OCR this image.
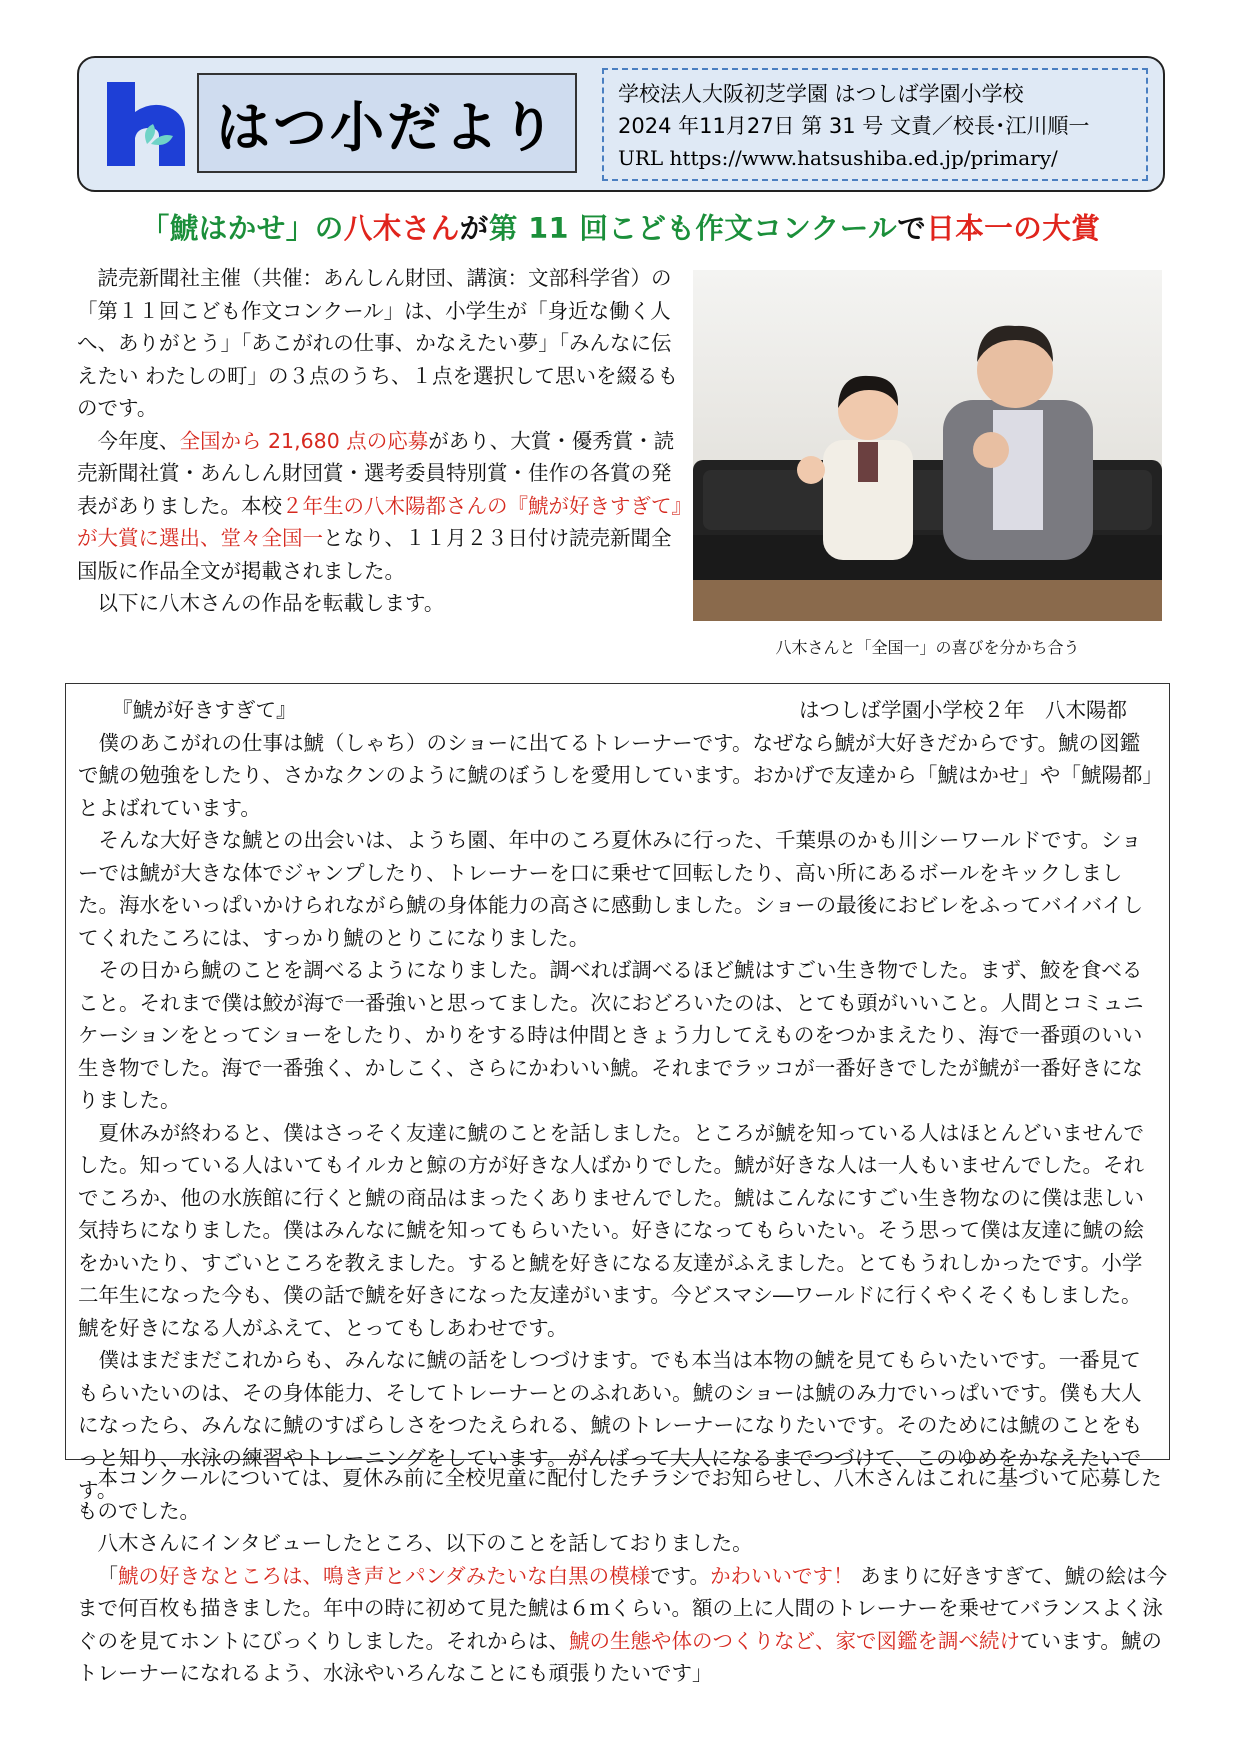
はつ小だより
学校法人大阪初芝学園 はつしば学園小学校
2024 年11月27日 第 31 号 文責／校長･江川順一
URL https://www.hatsushiba.ed.jp/primary/
「鯱はかせ」の八木さんが第 11 回こども作文コンクールで日本一の大賞

読売新聞社主催（共催：あんしん財団、講演：文部科学省）の「第１１回こども作文コンクール」は、小学生が「身近な働く人へ、ありがとう」「あこがれの仕事、かなえたい夢」「みんなに伝えたい わたしの町」の３点のうち、１点を選択して思いを綴るものです。

今年度、全国から 21,680 点の応募があり、大賞・優秀賞・読売新聞社賞・あんしん財団賞・選考委員特別賞・佳作の各賞の発表がありました。本校２年生の八木陽都さんの『鯱が好きすぎて』が大賞に選出、堂々全国一となり、１１月２３日付け読売新聞全国版に作品全文が掲載されました。

以下に八木さんの作品を転載します。

八木さんと「全国一」の喜びを分かち合う
『鯱が好きすぎて』	はつしば学園小学校２年　八木陽都

僕のあこがれの仕事は鯱（しゃち）のショーに出てるトレーナーです。なぜなら鯱が大好きだからです。鯱の図鑑で鯱の勉強をしたり、さかなクンのように鯱のぼうしを愛用しています。おかげで友達から「鯱はかせ」や「鯱陽都」とよばれています。

そんな大好きな鯱との出会いは、ようち園、年中のころ夏休みに行った、千葉県のかも川シーワールドです。ショーでは鯱が大きな体でジャンプしたり、トレーナーを口に乗せて回転したり、高い所にあるボールをキックしました。海水をいっぱいかけられながら鯱の身体能力の高さに感動しました。ショーの最後におビレをふってバイバイしてくれたころには、すっかり鯱のとりこになりました。

その日から鯱のことを調べるようになりました。調べれば調べるほど鯱はすごい生き物でした。まず、鮫を食べること。それまで僕は鮫が海で一番強いと思ってました。次におどろいたのは、とても頭がいいこと。人間とコミュニケーションをとってショーをしたり、かりをする時は仲間ときょう力してえものをつかまえたり、海で一番頭のいい生き物でした。海で一番強く、かしこく、さらにかわいい鯱。それまでラッコが一番好きでしたが鯱が一番好きになりました。

夏休みが終わると、僕はさっそく友達に鯱のことを話しました。ところが鯱を知っている人はほとんどいませんでした。知っている人はいてもイルカと鯨の方が好きな人ばかりでした。鯱が好きな人は一人もいませんでした。それでころか、他の水族館に行くと鯱の商品はまったくありませんでした。鯱はこんなにすごい生き物なのに僕は悲しい気持ちになりました。僕はみんなに鯱を知ってもらいたい。好きになってもらいたい。そう思って僕は友達に鯱の絵をかいたり、すごいところを教えました。すると鯱を好きになる友達がふえました。とてもうれしかったです。小学二年生になった今も、僕の話で鯱を好きになった友達がいます。今どスマシ―ワールドに行くやくそくもしました。鯱を好きになる人がふえて、とってもしあわせです。

僕はまだまだこれからも、みんなに鯱の話をしつづけます。でも本当は本物の鯱を見てもらいたいです。一番見てもらいたいのは、その身体能力、そしてトレーナーとのふれあい。鯱のショーは鯱のみ力でいっぱいです。僕も大人になったら、みんなに鯱のすばらしさをつたえられる、鯱のトレーナーになりたいです。そのためには鯱のことをもっと知り、水泳の練習やトレーニングをしています。がんばって大人になるまでつづけて、このゆめをかなえたいです。

本コンクールについては、夏休み前に全校児童に配付したチラシでお知らせし、八木さんはこれに基づいて応募したものでした。

八木さんにインタビューしたところ、以下のことを話しておりました。

「鯱の好きなところは、鳴き声とパンダみたいな白黒の模様です。かわいいです！ あまりに好きすぎて、鯱の絵は今まで何百枚も描きました。年中の時に初めて見た鯱は６ｍくらい。額の上に人間のトレーナーを乗せてバランスよく泳ぐのを見てホントにびっくりしました。それからは、鯱の生態や体のつくりなど、家で図鑑を調べ続けています。鯱のトレーナーになれるよう、水泳やいろんなことにも頑張りたいです」
